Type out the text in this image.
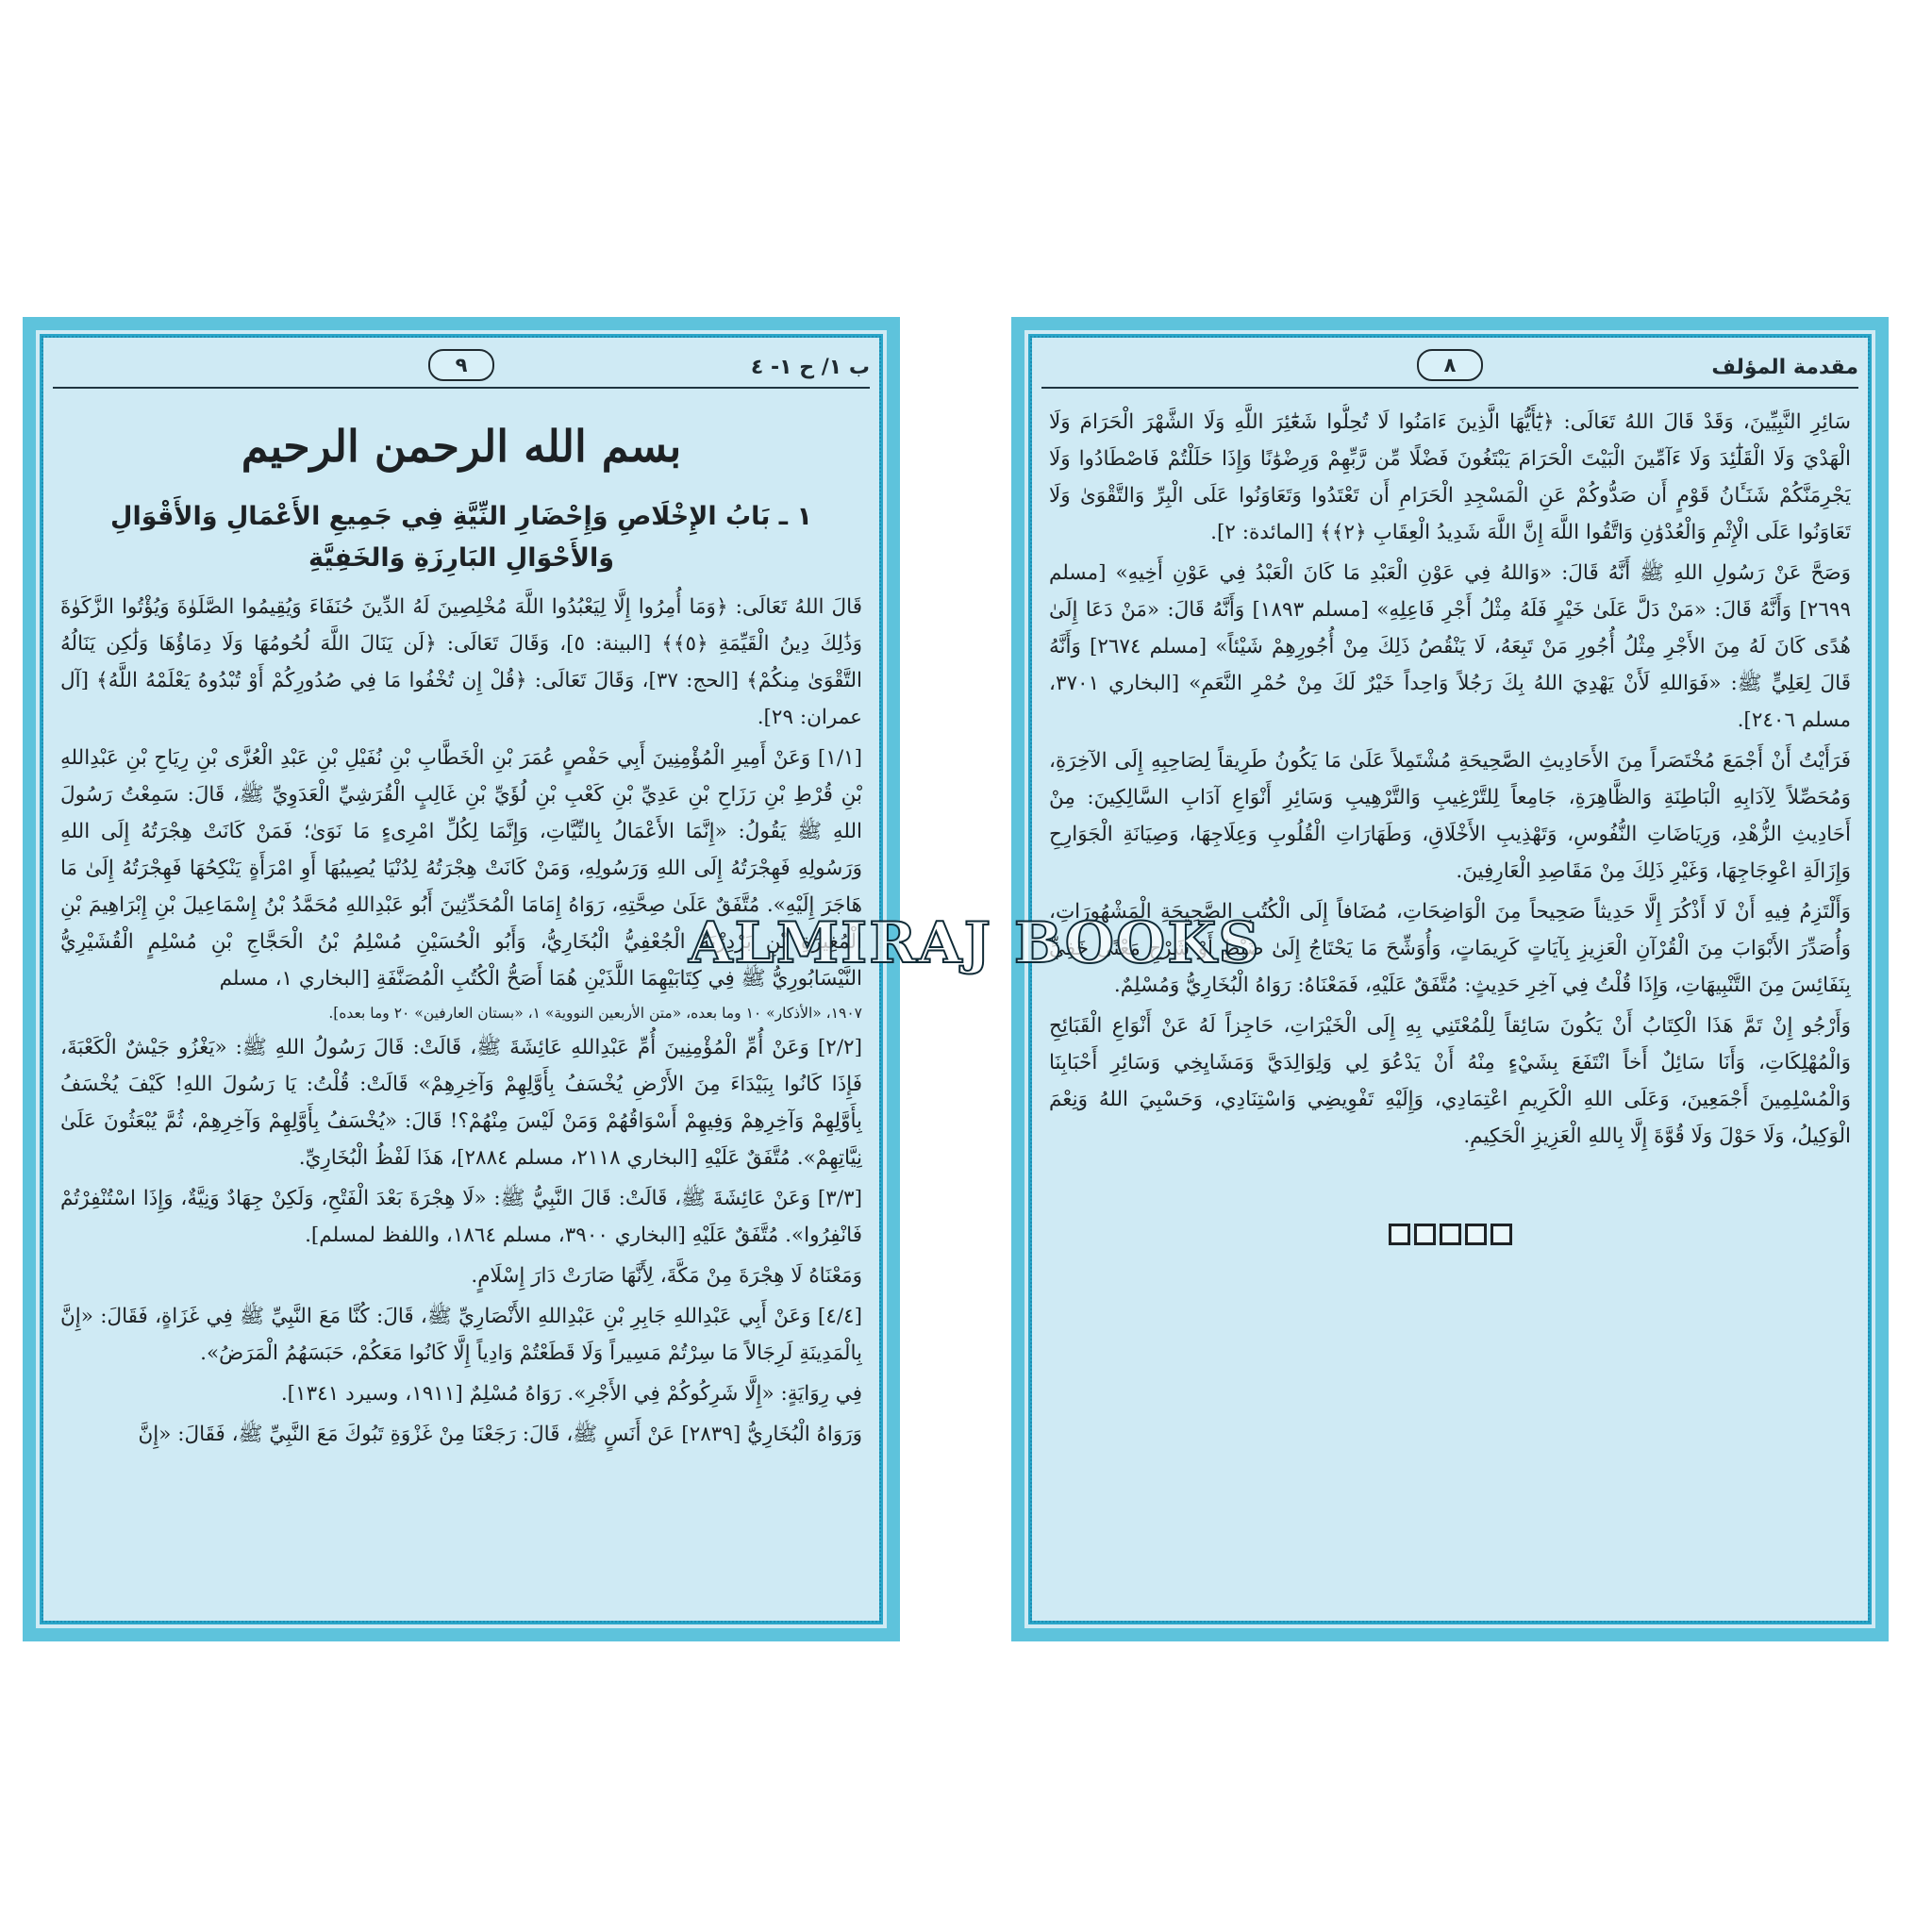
ب ١/ ح ١- ٤
٩
بسم الله الرحمن الرحيم
١ ـ بَابُ الإِخْلَاصِ وَإِحْضَارِ النِّيَّةِ فِي جَمِيعِ الأَعْمَالِ وَالأَقْوَالِ وَالأَحْوَالِ البَارِزَةِ وَالخَفِيَّةِ

قَالَ اللهُ تَعَالَى: ﴿وَمَا أُمِرُوا إِلَّا لِيَعْبُدُوا اللَّهَ مُخْلِصِينَ لَهُ الدِّينَ حُنَفَاءَ وَيُقِيمُوا الصَّلَوٰةَ وَيُؤْتُوا الزَّكَوٰةَ وَذَٰلِكَ دِينُ الْقَيِّمَةِ ﴿٥﴾﴾ [البينة: ٥]، وَقَالَ تَعَالَى: ﴿لَن يَنَالَ اللَّهَ لُحُومُهَا وَلَا دِمَاؤُهَا وَلَٰكِن يَنَالُهُ التَّقْوَىٰ مِنكُمْ﴾ [الحج: ٣٧]، وَقَالَ تَعَالَى: ﴿قُلْ إِن تُخْفُوا مَا فِي صُدُورِكُمْ أَوْ تُبْدُوهُ يَعْلَمْهُ اللَّهُ﴾ [آل عمران: ٢٩].

[١/١] وَعَنْ أَمِيرِ الْمُؤْمِنِينَ أَبِي حَفْصٍ عُمَرَ بْنِ الْخَطَّابِ بْنِ نُفَيْلِ بْنِ عَبْدِ الْعُزَّى بْنِ رِيَاحِ بْنِ عَبْدِاللهِ بْنِ قُرْطِ بْنِ رَزَاحِ بْنِ عَدِيِّ بْنِ كَعْبِ بْنِ لُؤَيِّ بْنِ غَالِبٍ الْقُرَشِيِّ الْعَدَوِيِّ ﷺ، قَالَ: سَمِعْتُ رَسُولَ اللهِ ﷺ يَقُولُ: «إِنَّمَا الأَعْمَالُ بِالنِّيَّاتِ، وَإِنَّمَا لِكُلِّ امْرِىءٍ مَا نَوَىٰ؛ فَمَنْ كَانَتْ هِجْرَتُهُ إِلَى اللهِ وَرَسُولِهِ فَهِجْرَتُهُ إِلَى اللهِ وَرَسُولِهِ، وَمَنْ كَانَتْ هِجْرَتُهُ لِدُنْيَا يُصِيبُهَا أَوِ امْرَأَةٍ يَنْكِحُهَا فَهِجْرَتُهُ إِلَىٰ مَا هَاجَرَ إِلَيْهِ». مُتَّفَقٌ عَلَىٰ صِحَّتِهِ، رَوَاهُ إِمَامَا الْمُحَدِّثِينَ أَبُو عَبْدِاللهِ مُحَمَّدُ بْنُ إِسْمَاعِيلَ بْنِ إِبْرَاهِيمَ بْنِ الْمُغِيرَةِ بْنِ بَرْدِزْبَهْ الْجُعْفِيُّ الْبُخَارِيُّ، وَأَبُو الْحُسَيْنِ مُسْلِمُ بْنُ الْحَجَّاجِ بْنِ مُسْلِمٍ الْقُشَيْرِيُّ النَّيْسَابُورِيُّ ﷺ فِي كِتَابَيْهِمَا اللَّذَيْنِ هُمَا أَصَحُّ الْكُتُبِ الْمُصَنَّفَةِ [البخاري ١، مسلم

١٩٠٧، «الأذكار» ١٠ وما بعده، «متن الأربعين النووية» ١، «بستان العارفين» ٢٠ وما بعده].

[٢/٢] وَعَنْ أُمِّ الْمُؤْمِنِينَ أُمِّ عَبْدِاللهِ عَائِشَةَ ﷺ، قَالَتْ: قَالَ رَسُولُ اللهِ ﷺ: «يَغْزُو جَيْشٌ الْكَعْبَةَ، فَإِذَا كَانُوا بِبَيْدَاءَ مِنَ الأَرْضِ يُخْسَفُ بِأَوَّلِهِمْ وَآخِرِهِمْ» قَالَتْ: قُلْتُ: يَا رَسُولَ اللهِ! كَيْفَ يُخْسَفُ بِأَوَّلِهِمْ وَآخِرِهِمْ وَفِيهِمْ أَسْوَاقُهُمْ وَمَنْ لَيْسَ مِنْهُمْ؟! قَالَ: «يُخْسَفُ بِأَوَّلِهِمْ وَآخِرِهِمْ، ثُمَّ يُبْعَثُونَ عَلَىٰ نِيَّاتِهِمْ». مُتَّفَقٌ عَلَيْهِ [البخاري ٢١١٨، مسلم ٢٨٨٤]، هَذَا لَفْظُ الْبُخَارِيِّ.

[٣/٣] وَعَنْ عَائِشَةَ ﷺ، قَالَتْ: قَالَ النَّبِيُّ ﷺ: «لَا هِجْرَةَ بَعْدَ الْفَتْحِ، وَلَكِنْ جِهَادٌ وَنِيَّةٌ، وَإِذَا اسْتُنْفِرْتُمْ فَانْفِرُوا». مُتَّفَقٌ عَلَيْهِ [البخاري ٣٩٠٠، مسلم ١٨٦٤، واللفظ لمسلم].

وَمَعْنَاهُ لَا هِجْرَةَ مِنْ مَكَّةَ، لِأَنَّهَا صَارَتْ دَارَ إِسْلَامٍ.

[٤/٤] وَعَنْ أَبِي عَبْدِاللهِ جَابِرِ بْنِ عَبْدِاللهِ الأَنْصَارِيِّ ﷺ، قَالَ: كُنَّا مَعَ النَّبِيِّ ﷺ فِي غَزَاةٍ، فَقَالَ: «إِنَّ بِالْمَدِينَةِ لَرِجَالاً مَا سِرْتُمْ مَسِيراً وَلَا قَطَعْتُمْ وَادِياً إِلَّا كَانُوا مَعَكُمْ، حَبَسَهُمُ الْمَرَضُ».

فِي رِوَايَةٍ: «إِلَّا شَرِكُوكُمْ فِي الأَجْرِ». رَوَاهُ مُسْلِمٌ [١٩١١، وسيرد ١٣٤١].

وَرَوَاهُ الْبُخَارِيُّ [٢٨٣٩] عَنْ أَنَسٍ ﷺ، قَالَ: رَجَعْنَا مِنْ غَزْوَةِ تَبُوكَ مَعَ النَّبِيِّ ﷺ، فَقَالَ: «إِنَّ

مقدمة المؤلف
٨

سَائِرِ النَّبِيِّينَ، وَقَدْ قَالَ اللهُ تَعَالَى: ﴿يَٰٓأَيُّهَا الَّذِينَ ءَامَنُوا لَا تُحِلُّوا شَعَٰٓئِرَ اللَّهِ وَلَا الشَّهْرَ الْحَرَامَ وَلَا الْهَدْيَ وَلَا الْقَلَٰٓئِدَ وَلَا ءَآمِّينَ الْبَيْتَ الْحَرَامَ يَبْتَغُونَ فَضْلًا مِّن رَّبِّهِمْ وَرِضْوَٰنًا وَإِذَا حَلَلْتُمْ فَاصْطَادُوا وَلَا يَجْرِمَنَّكُمْ شَنَـَٔانُ قَوْمٍ أَن صَدُّوكُمْ عَنِ الْمَسْجِدِ الْحَرَامِ أَن تَعْتَدُوا وَتَعَاوَنُوا عَلَى الْبِرِّ وَالتَّقْوَىٰ وَلَا تَعَاوَنُوا عَلَى الْإِثْمِ وَالْعُدْوَٰنِ وَاتَّقُوا اللَّهَ إِنَّ اللَّهَ شَدِيدُ الْعِقَابِ ﴿٢﴾﴾ [المائدة: ٢].

وَصَحَّ عَنْ رَسُولِ اللهِ ﷺ أَنَّهُ قَالَ: «وَاللهُ فِي عَوْنِ الْعَبْدِ مَا كَانَ الْعَبْدُ فِي عَوْنِ أَخِيهِ» [مسلم ٢٦٩٩] وَأَنَّهُ قَالَ: «مَنْ دَلَّ عَلَىٰ خَيْرٍ فَلَهُ مِثْلُ أَجْرِ فَاعِلِهِ» [مسلم ١٨٩٣] وَأَنَّهُ قَالَ: «مَنْ دَعَا إِلَىٰ هُدًى كَانَ لَهُ مِنَ الأَجْرِ مِثْلُ أُجُورِ مَنْ تَبِعَهُ، لَا يَنْقُصُ ذَلِكَ مِنْ أُجُورِهِمْ شَيْئاً» [مسلم ٢٦٧٤] وَأَنَّهُ قَالَ لِعَلِيٍّ ﷺ: «فَوَاللهِ لَأَنْ يَهْدِيَ اللهُ بِكَ رَجُلاً وَاحِداً خَيْرٌ لَكَ مِنْ حُمْرِ النَّعَمِ» [البخاري ٣٧٠١، مسلم ٢٤٠٦].

فَرَأَيْتُ أَنْ أَجْمَعَ مُخْتَصَراً مِنَ الأَحَادِيثِ الصَّحِيحَةِ مُشْتَمِلاً عَلَىٰ مَا يَكُونُ طَرِيقاً لِصَاحِبِهِ إِلَى الآخِرَةِ، وَمُحَصِّلاً لِآدَابِهِ الْبَاطِنَةِ وَالظَّاهِرَةِ، جَامِعاً لِلتَّرْغِيبِ وَالتَّرْهِيبِ وَسَائِرِ أَنْوَاعِ آدَابِ السَّالِكِينَ: مِنْ أَحَادِيثِ الزُّهْدِ، وَرِيَاضَاتِ النُّفُوسِ، وَتَهْذِيبِ الأَخْلَاقِ، وَطَهَارَاتِ الْقُلُوبِ وَعِلَاجِهَا، وَصِيَانَةِ الْجَوَارِحِ وَإِزَالَةِ اعْوِجَاجِهَا، وَغَيْرِ ذَلِكَ مِنْ مَقَاصِدِ الْعَارِفِينَ.

وَأَلْتَزِمُ فِيهِ أَنْ لَا أَذْكُرَ إِلَّا حَدِيثاً صَحِيحاً مِنَ الْوَاضِحَاتِ، مُضَافاً إِلَى الْكُتُبِ الصَّحِيحَةِ الْمَشْهُورَاتِ، وَأُصَدِّرَ الأَبْوَابَ مِنَ الْقُرْآنِ الْعَزِيزِ بِآيَاتٍ كَرِيمَاتٍ، وَأُوَشِّحَ مَا يَحْتَاجُ إِلَىٰ ضَبْطٍ أَوْ شَرْحِ مَعْنًى خَفِيٍّ بِنَفَائِسَ مِنَ التَّنْبِيهَاتِ، وَإِذَا قُلْتُ فِي آخِرِ حَدِيثٍ: مُتَّفَقٌ عَلَيْهِ، فَمَعْنَاهُ: رَوَاهُ الْبُخَارِيُّ وَمُسْلِمٌ.

وَأَرْجُو إِنْ تَمَّ هَذَا الْكِتَابُ أَنْ يَكُونَ سَائِقاً لِلْمُعْتَنِي بِهِ إِلَى الْخَيْرَاتِ، حَاجِزاً لَهُ عَنْ أَنْوَاعِ الْقَبَائِحِ وَالْمُهْلِكَاتِ، وَأَنَا سَائِلٌ أَخاً انْتَفَعَ بِشَيْءٍ مِنْهُ أَنْ يَدْعُوَ لِي وَلِوَالِدَيَّ وَمَشَايِخِي وَسَائِرِ أَحْبَابِنَا وَالْمُسْلِمِينَ أَجْمَعِينَ، وَعَلَى اللهِ الْكَرِيمِ اعْتِمَادِي، وَإِلَيْهِ تَفْوِيضِي وَاسْتِنَادِي، وَحَسْبِيَ اللهُ وَنِعْمَ الْوَكِيلُ، وَلَا حَوْلَ وَلَا قُوَّةَ إِلَّا بِاللهِ الْعَزِيزِ الْحَكِيمِ.

ALMIRAJ BOOKS
